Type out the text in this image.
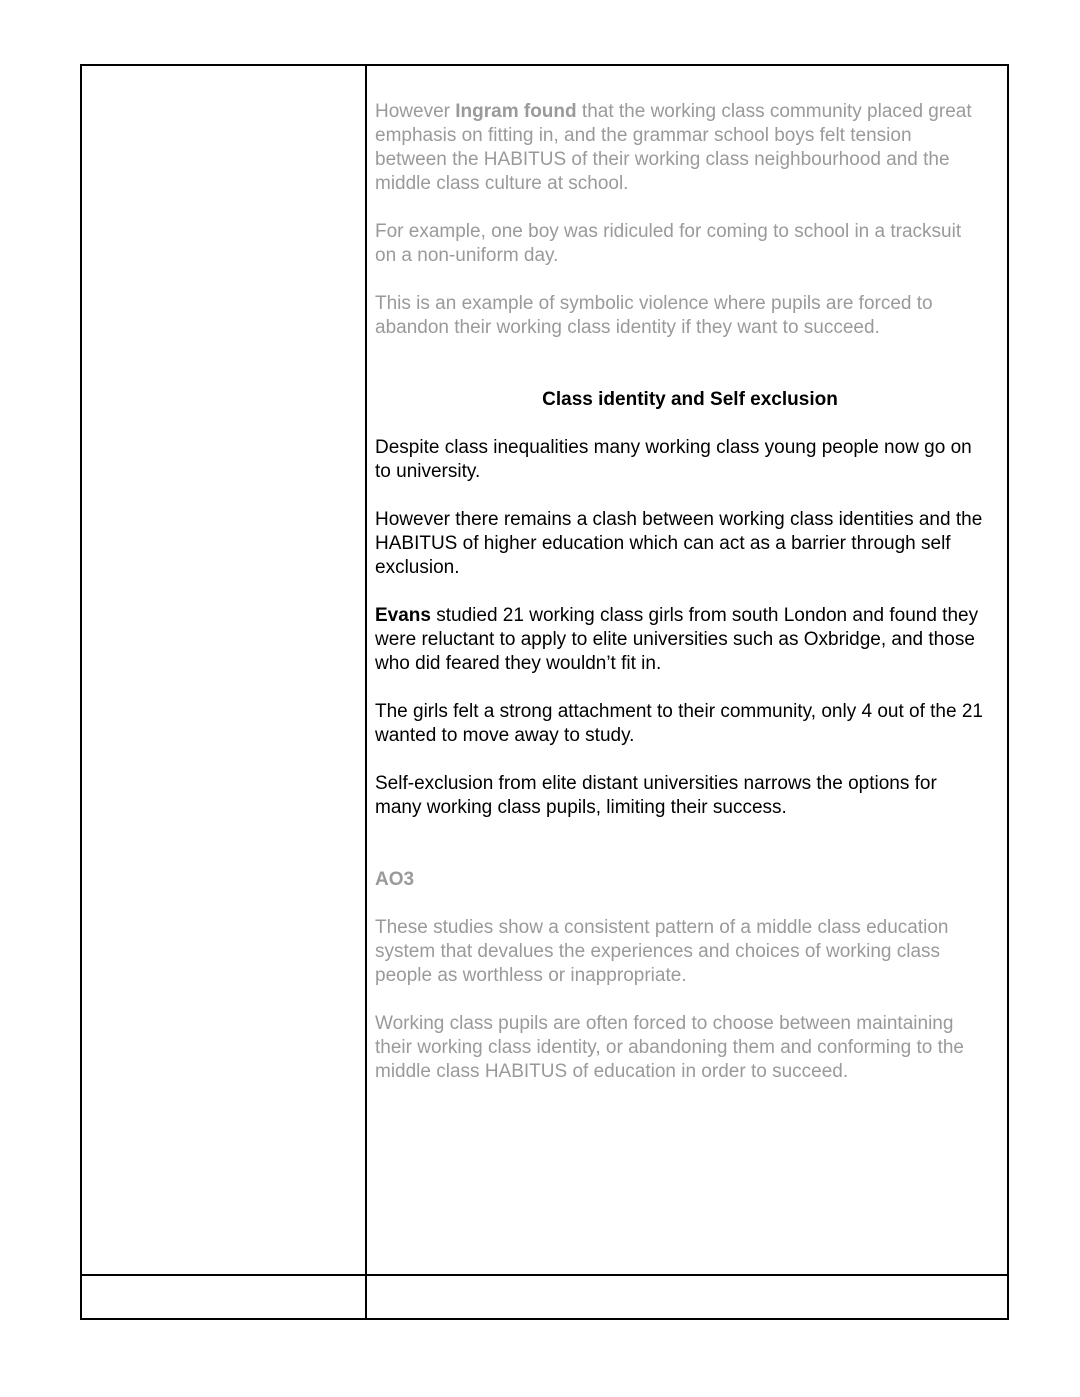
However Ingram found that the working class community placed great
emphasis on fitting in, and the grammar school boys felt tension
between the HABITUS of their working class neighbourhood and the
middle class culture at school.
For example, one boy was ridiculed for coming to school in a tracksuit
on a non-uniform day.
This is an example of symbolic violence where pupils are forced to
abandon their working class identity if they want to succeed.
Class identity and Self exclusion
Despite class inequalities many working class young people now go on
to university.
However there remains a clash between working class identities and the
HABITUS of higher education which can act as a barrier through self
exclusion.
Evans studied 21 working class girls from south London and found they
were reluctant to apply to elite universities such as Oxbridge, and those
who did feared they wouldn’t fit in.
The girls felt a strong attachment to their community, only 4 out of the 21
wanted to move away to study.
Self-exclusion from elite distant universities narrows the options for
many working class pupils, limiting their success.
AO3
These studies show a consistent pattern of a middle class education
system that devalues the experiences and choices of working class
people as worthless or inappropriate.
Working class pupils are often forced to choose between maintaining
their working class identity, or abandoning them and conforming to the
middle class HABITUS of education in order to succeed.
